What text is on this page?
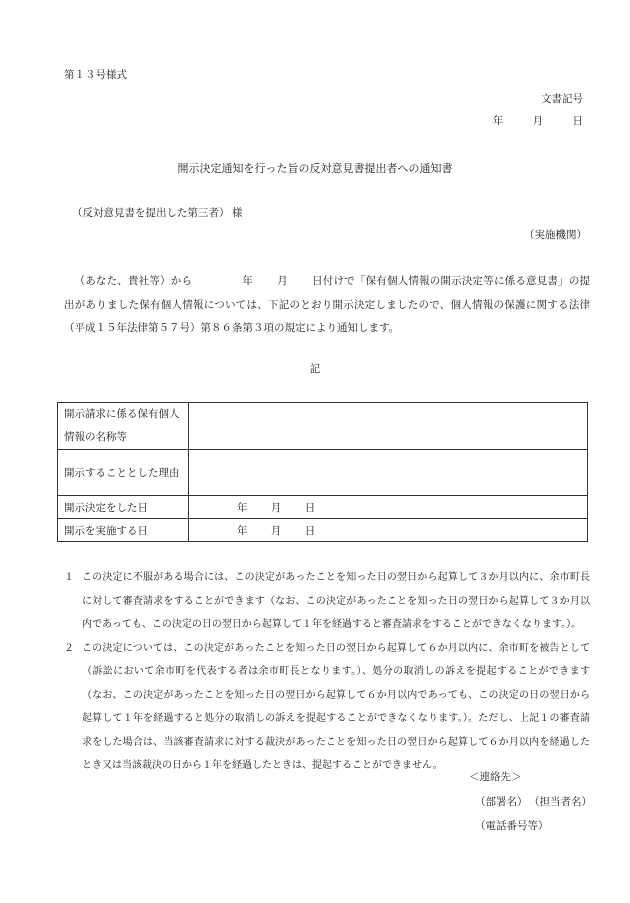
第１３号様式
文書記号
年	月	日
開示決定通知を行った旨の反対意見書提出者への通知書
（反対意見書を提出した第三者） 様
（実施機関）

（あなた、貴社等）から	年 月 日付けで「保有個人情報の開示決定等に係る意見書」の提出がありました保有個人情報については、下記のとおり開示決定しましたので、個人情報の保護に関する法律（平成１５年法律第５７号）第８６条第３項の規定により通知します。

記
開示請求に係る保有個人情報の名称等	
開示することとした理由	
開示決定をした日	年 月 日
開示を実施する日	年 月 日
１ この決定に不服がある場合には、この決定があったことを知った日の翌日から起算して３か月以内に、余市町長に対して審査請求をすることができます（なお、この決定があったことを知った日の翌日から起算して３か月以内であっても、この決定の日の翌日から起算して１年を経過すると審査請求をすることができなくなります。）。
２ この決定については、この決定があったことを知った日の翌日から起算して６か月以内に、余市町を被告として（訴訟において余市町を代表する者は余市町長となります。）、処分の取消しの訴えを提起することができます（なお、この決定があったことを知った日の翌日から起算して６か月以内であっても、この決定の日の翌日から起算して１年を経過すると処分の取消しの訴えを提起することができなくなります。）。ただし、上記１の審査請求をした場合は、当該審査請求に対する裁決があったことを知った日の翌日から起算して６か月以内を経過したとき又は当該裁決の日から１年を経過したときは、提起することができません。
＜連絡先＞
（部署名） （担当者名）
（電話番号等）
